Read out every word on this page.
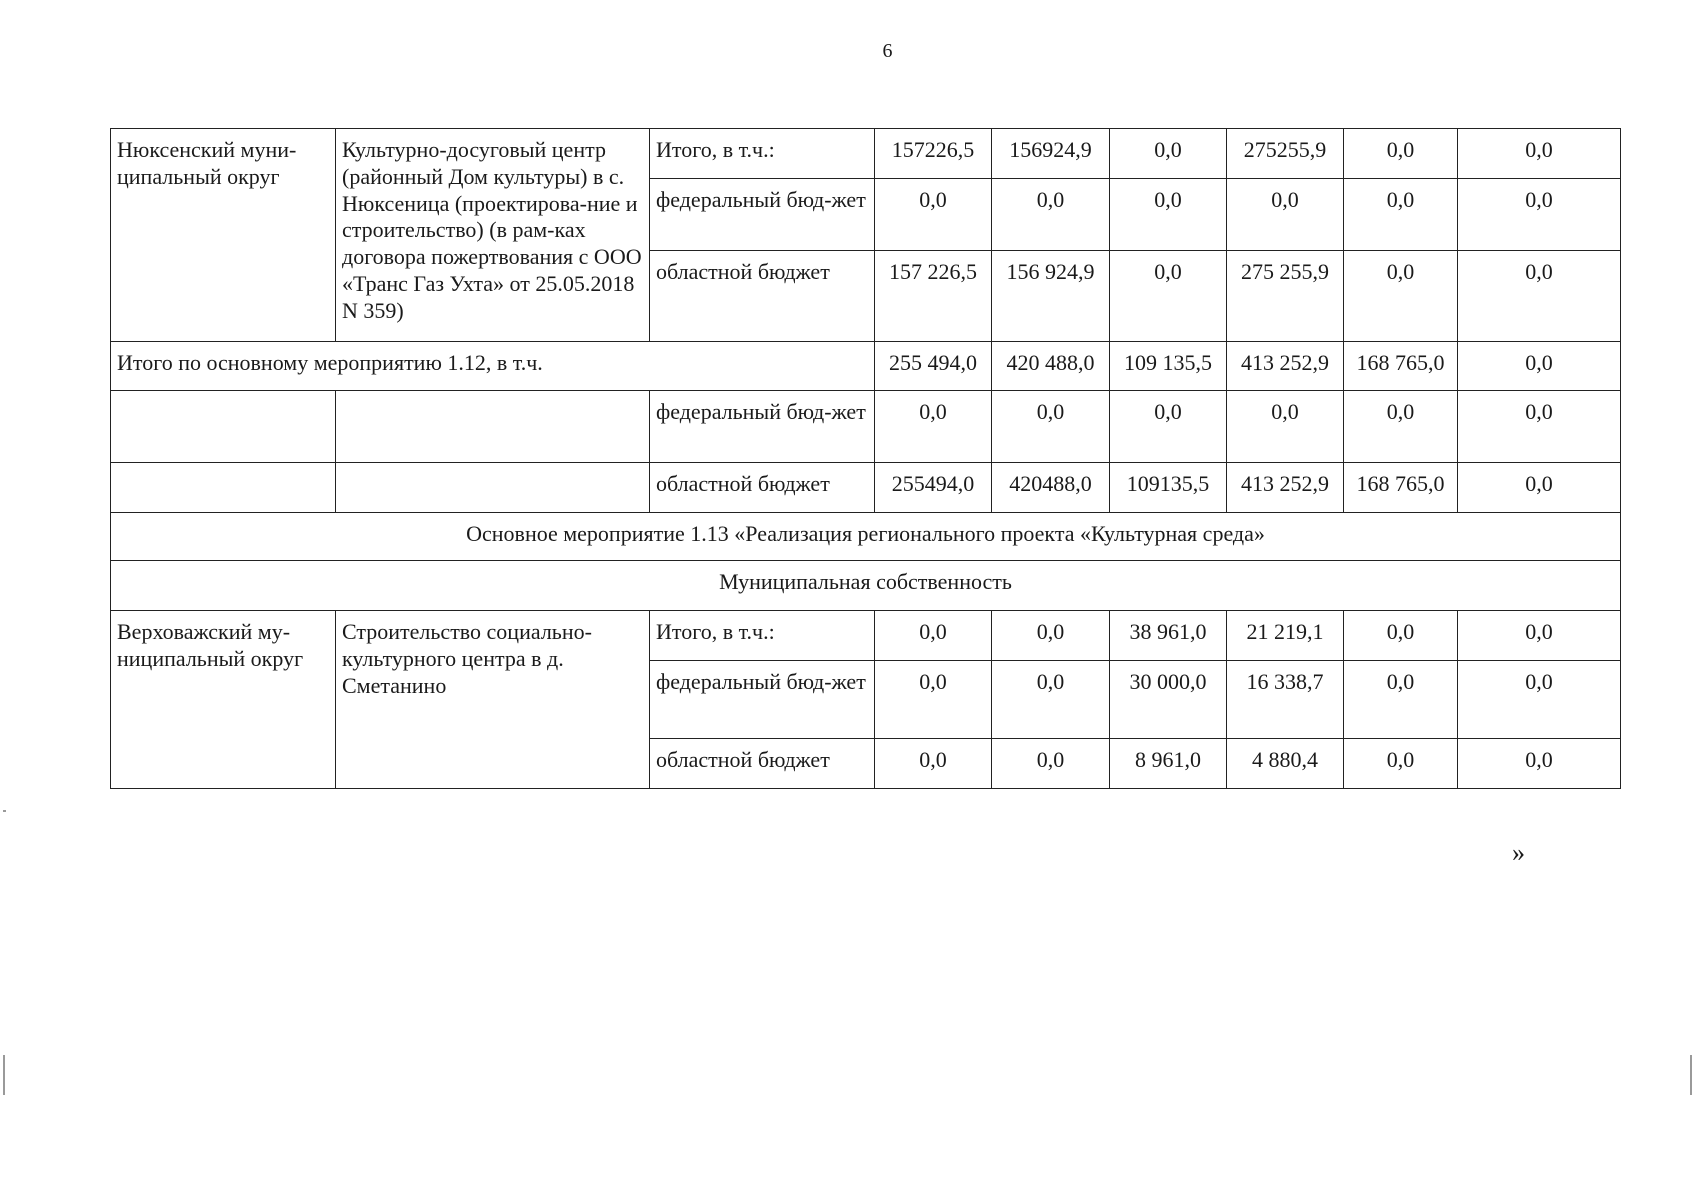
6
Нюксенский муни-ципальный округ	Культурно-досуговый центр (районный Дом культуры) в с. Нюксеница (проектирова-ние и строительство) (в рам-ках договора пожертвования с ООО «Транс Газ Ухта» от 25.05.2018 N 359)	Итого, в т.ч.:	157226,5	156924,9	0,0	275255,9	0,0	0,0
		федеральный бюд-жет	0,0	0,0	0,0	0,0	0,0	0,0
		областной бюджет	157 226,5	156 924,9	0,0	275 255,9	0,0	0,0
Итого по основному мероприятию 1.12, в т.ч.			255 494,0	420 488,0	109 135,5	413 252,9	168 765,0	0,0
		федеральный бюд-жет	0,0	0,0	0,0	0,0	0,0	0,0
		областной бюджет	255494,0	420488,0	109135,5	413 252,9	168 765,0	0,0
Основное мероприятие 1.13 «Реализация регионального проекта «Культурная среда»								
Муниципальная собственность								
Верховажский му-ниципальный округ	Строительство социально-культурного центра в д. Сметанино	Итого, в т.ч.:	0,0	0,0	38 961,0	21 219,1	0,0	0,0
		федеральный бюд-жет	0,0	0,0	30 000,0	16 338,7	0,0	0,0
		областной бюджет	0,0	0,0	8 961,0	4 880,4	0,0	0,0
»
